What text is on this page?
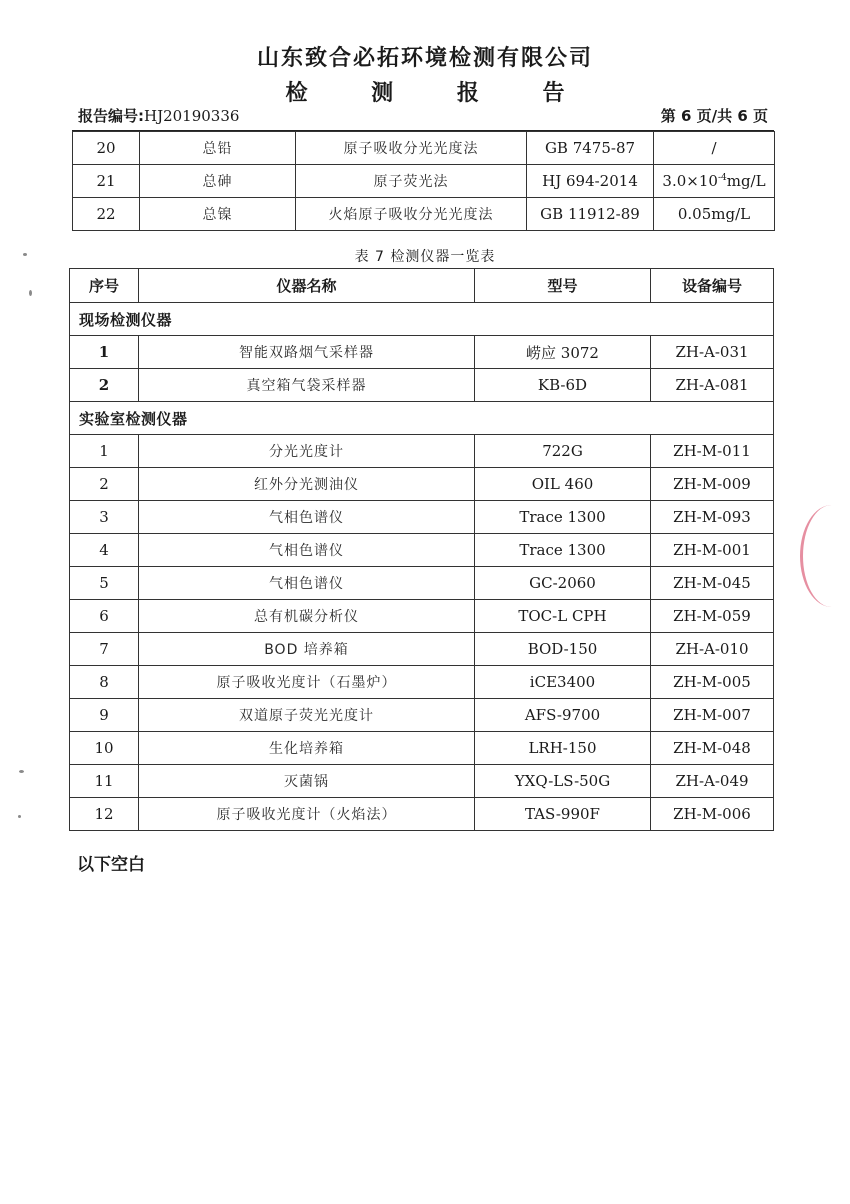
山东致合必拓环境检测有限公司
检 测 报 告
报告编号:HJ20190336	第 6 页/共 6 页
20	总铅	原子吸收分光光度法	GB 7475-87	/
21	总砷	原子荧光法	HJ 694-2014	$3.0\times 10^{-4}mg/L$
22	总镍	火焰原子吸收分光光度法	GB 11912-89	0.05mg/L
表 7 检测仪器一览表
序号	仪器名称	型号	设备编号
现场检测仪器			
1	智能双路烟气采样器	崂应 3072	ZH-A-031
2	真空箱气袋采样器	KB-6D	ZH-A-081
实验室检测仪器			
1	分光光度计	722G	ZH-M-011
2	红外分光测油仪	OIL 460	ZH-M-009
3	气相色谱仪	Trace 1300	ZH-M-093
4	气相色谱仪	Trace 1300	ZH-M-001
5	气相色谱仪	GC-2060	ZH-M-045
6	总有机碳分析仪	TOC-L CPH	ZH-M-059
7	BOD 培养箱	BOD-150	ZH-A-010
8	原子吸收光度计（石墨炉）	iCE3400	ZH-M-005
9	双道原子荧光光度计	AFS-9700	ZH-M-007
10	生化培养箱	LRH-150	ZH-M-048
11	灭菌锅	YXQ-LS-50G	ZH-A-049
12	原子吸收光度计（火焰法）	TAS-990F	ZH-M-006
以下空白
